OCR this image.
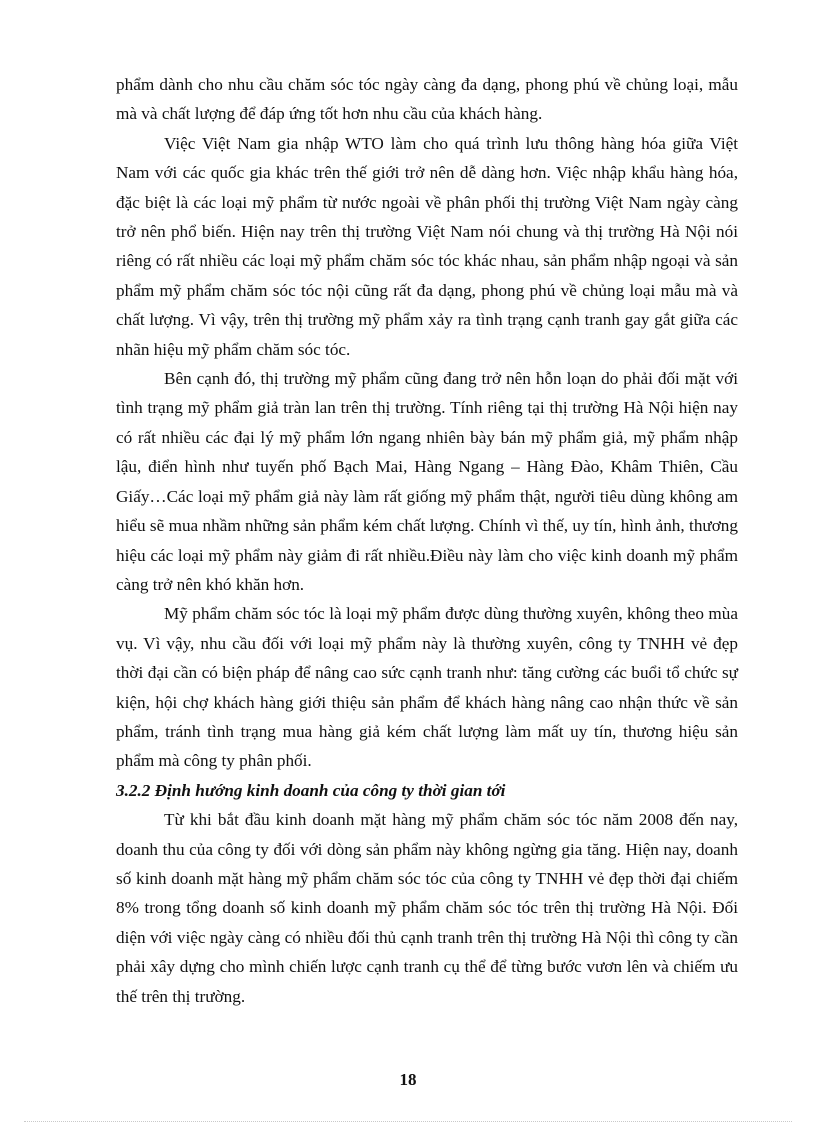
phẩm dành cho nhu cầu chăm sóc tóc ngày càng đa dạng, phong phú về chủng loại, mẫu mà và chất lượng để đáp ứng tốt hơn nhu cầu của khách hàng.

Việc Việt Nam gia nhập WTO làm cho quá trình lưu thông hàng hóa giữa Việt Nam với các quốc gia khác trên thế giới trở nên dễ dàng hơn. Việc nhập khẩu hàng hóa, đặc biệt là các loại mỹ phẩm từ nước ngoài về phân phối thị trường Việt Nam ngày càng trở nên phổ biến. Hiện nay trên thị trường Việt Nam nói chung và thị trường Hà Nội nói riêng có rất nhiều các loại mỹ phẩm chăm sóc tóc khác nhau, sản phẩm nhập ngoại và sản phẩm mỹ phẩm chăm sóc tóc nội cũng rất đa dạng, phong phú về chủng loại mẫu mà và chất lượng. Vì vậy, trên thị trường mỹ phẩm xảy ra tình trạng cạnh tranh gay gắt giữa các nhãn hiệu mỹ phẩm chăm sóc tóc.

Bên cạnh đó, thị trường mỹ phẩm cũng đang trở nên hỗn loạn do phải đối mặt với tình trạng mỹ phẩm giả tràn lan trên thị trường. Tính riêng tại thị trường Hà Nội hiện nay có rất nhiều các đại lý mỹ phẩm lớn ngang nhiên bày bán mỹ phẩm giả, mỹ phẩm nhập lậu, điển hình như tuyến phố Bạch Mai, Hàng Ngang – Hàng Đào, Khâm Thiên, Cầu Giấy…Các loại mỹ phẩm giả này làm rất giống mỹ phẩm thật, người tiêu dùng không am hiểu sẽ mua nhầm những sản phẩm kém chất lượng. Chính vì thế, uy tín, hình ảnh, thương hiệu các loại mỹ phẩm này giảm đi rất nhiều.Điều này làm cho việc kinh doanh mỹ phẩm càng trở nên khó khăn hơn.

Mỹ phẩm chăm sóc tóc là loại mỹ phẩm được dùng thường xuyên, không theo mùa vụ. Vì vậy, nhu cầu đối với loại mỹ phẩm này là thường xuyên, công ty TNHH vẻ đẹp thời đại cần có biện pháp để nâng cao sức cạnh tranh như: tăng cường các buổi tổ chức sự kiện, hội chợ khách hàng giới thiệu sản phẩm để khách hàng nâng cao nhận thức về sản phẩm, tránh tình trạng mua hàng giả kém chất lượng làm mất uy tín, thương hiệu sản phẩm mà công ty phân phối.

3.2.2 Định hướng kinh doanh của công ty thời gian tới

Từ khi bắt đầu kinh doanh mặt hàng mỹ phẩm chăm sóc tóc năm 2008 đến nay, doanh thu của công ty đối với dòng sản phẩm này không ngừng gia tăng. Hiện nay, doanh số kinh doanh mặt hàng mỹ phẩm chăm sóc tóc của công ty TNHH vẻ đẹp thời đại chiếm 8% trong tổng doanh số kinh doanh mỹ phẩm chăm sóc tóc trên thị trường Hà Nội. Đối diện với việc ngày càng có nhiều đối thủ cạnh tranh trên thị trường Hà Nội thì công ty cần phải xây dựng cho mình chiến lược cạnh tranh cụ thể để từng bước vươn lên và chiếm ưu thế trên thị trường.

18
